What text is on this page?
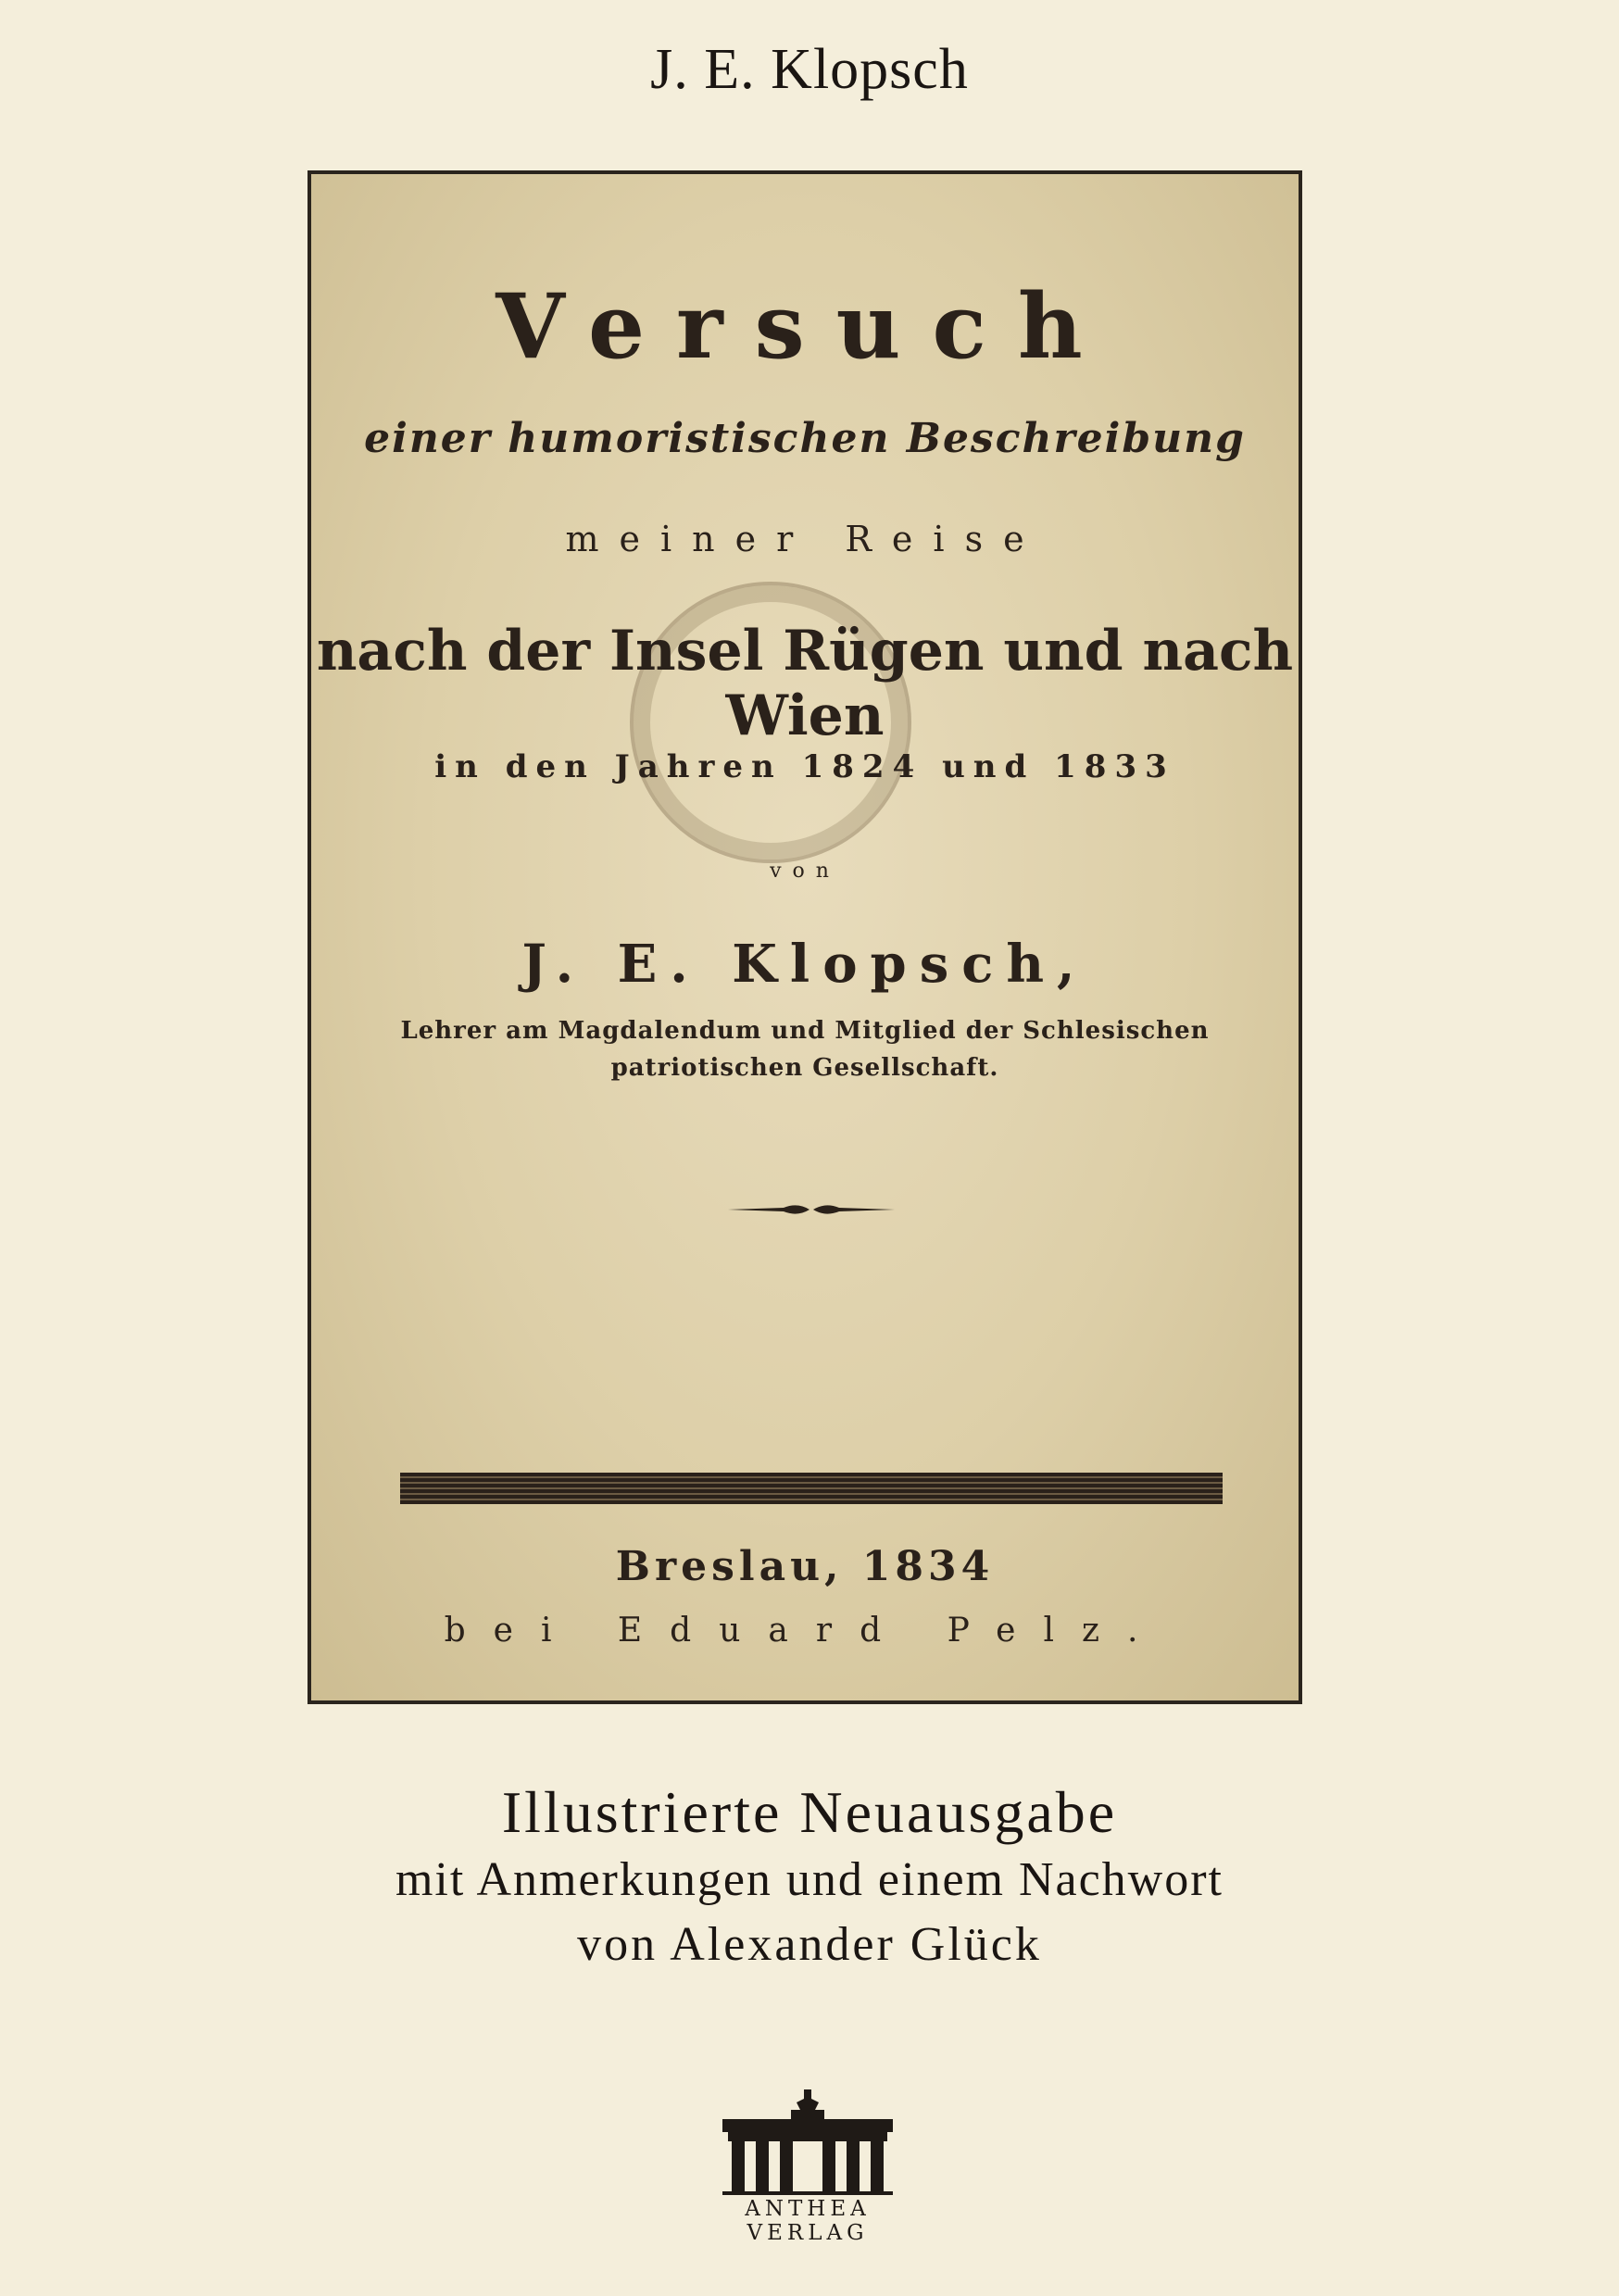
J. E. Klopsch
Versuch
einer humoristischen Beschreibung
meiner Reise
nach der Insel Rügen und nach Wien
in den Jahren 1824 und 1833
von
J. E. Klopsch,
Lehrer am Magdalendum und Mitglied der Schlesischen
patriotischen Gesellschaft.
Breslau, 1834
bei Eduard Pelz.
Illustrierte Neuausgabe
mit Anmerkungen und einem Nachwort
von Alexander Glück
ANTHEA
VERLAG
